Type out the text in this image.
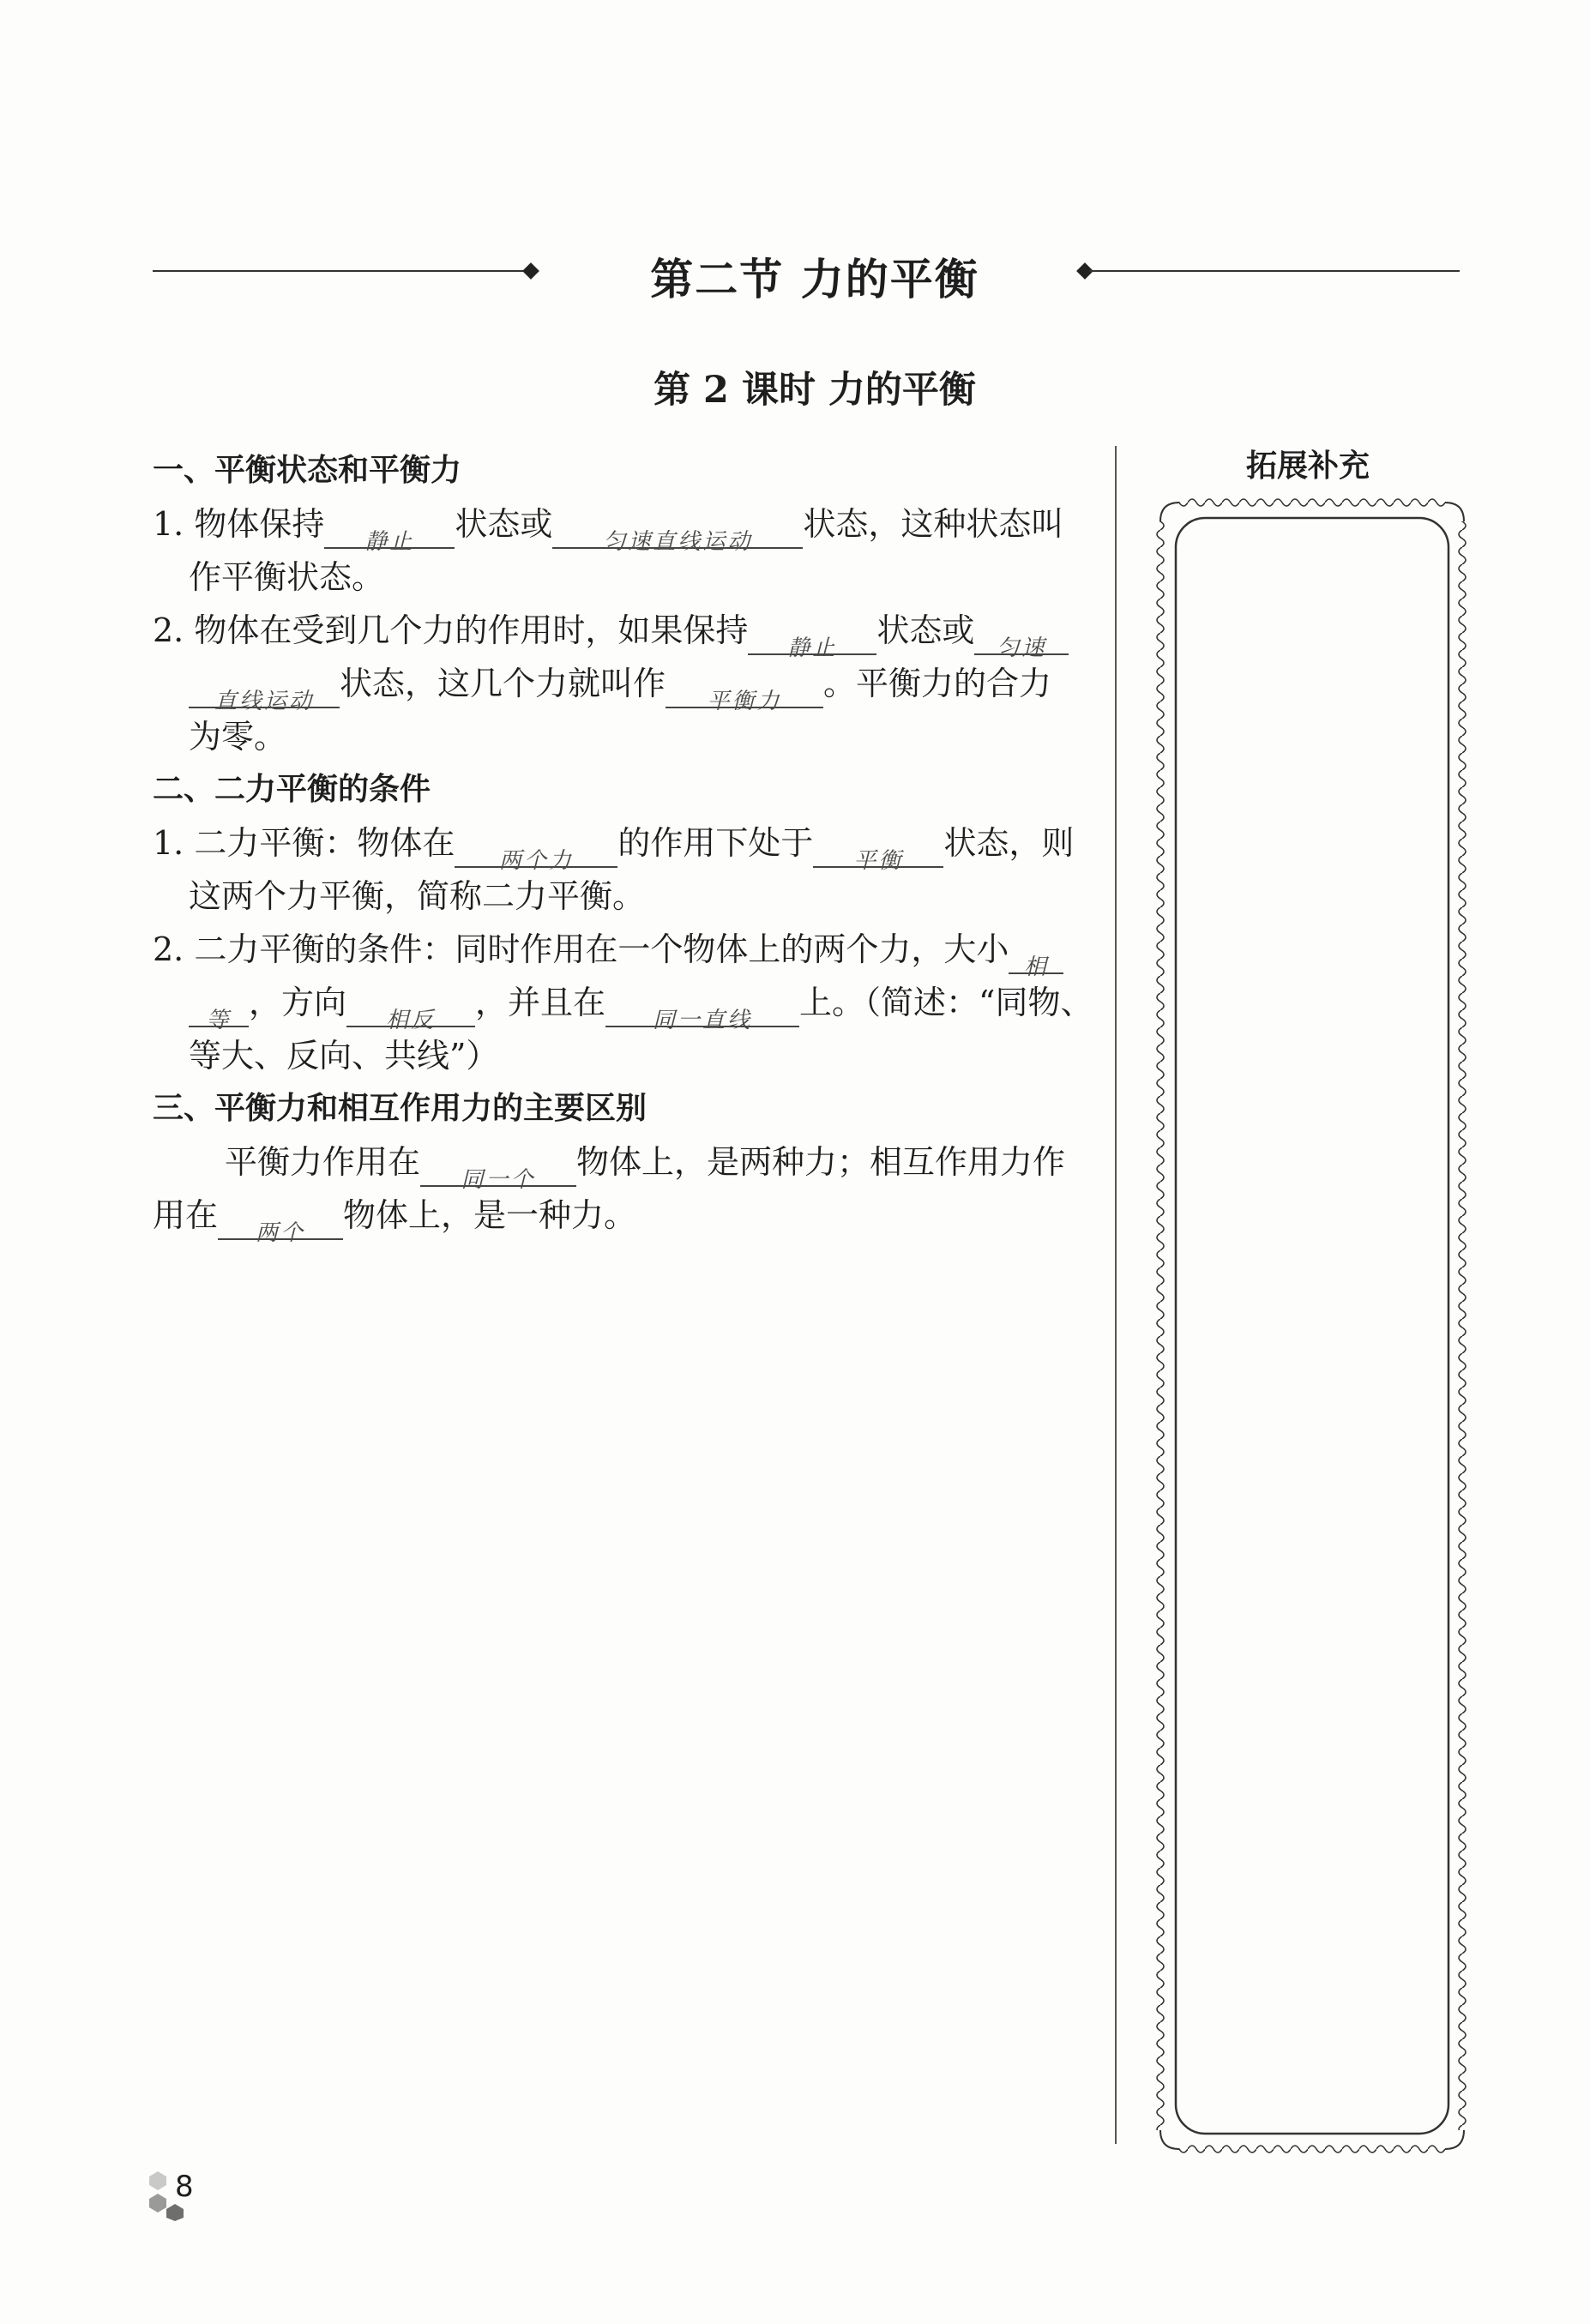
第二节 力的平衡
第 2 课时 力的平衡
一、平衡状态和平衡力
1. 物体保持 $_{静止}$ 状态或 $_{匀速直线运动}$ 状态，这种状态叫
作平衡状态。
2. 物体在受到几个力的作用时，如果保持 $_{静止}$ 状态或 $_{匀速}$
$_{直线运动}$ 状态，这几个力就叫作 $_{平衡力}$ 。平衡力的合力
为零。
二、二力平衡的条件
1. 二力平衡：物体在 $_{两个力}$ 的作用下处于 $_{平衡}$ 状态，则
这两个力平衡，简称二力平衡。
2. 二力平衡的条件：同时作用在一个物体上的两个力，大小 $_相$
$_等$ ，方向 $_{相反}$ ，并且在 $_{同一直线}$ 上。（简述：“同物、
等大、反向、共线”）
三、平衡力和相互作用力的主要区别
平衡力作用在 $_{同一个}$ 物体上，是两种力；相互作用力作
用在 $_{两个}$ 物体上，是一种力。
拓展补充
8
